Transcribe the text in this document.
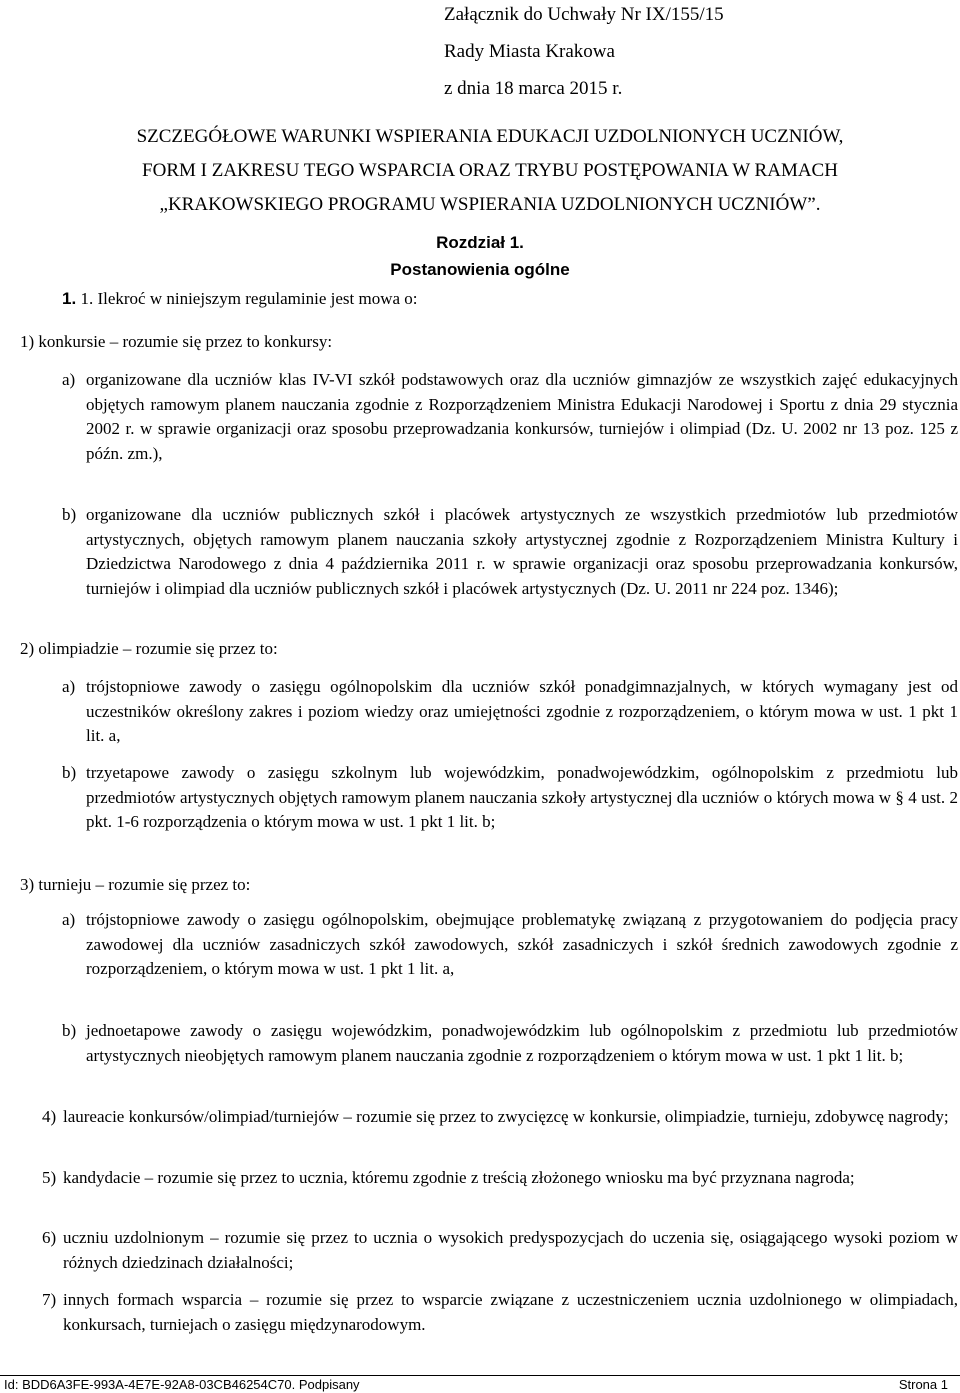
Załącznik do Uchwały Nr IX/155/15
Rady Miasta Krakowa
z dnia 18 marca 2015 r.
SZCZEGÓŁOWE WARUNKI WSPIERANIA EDUKACJI UZDOLNIONYCH UCZNIÓW,
FORM I ZAKRESU TEGO WSPARCIA ORAZ TRYBU POSTĘPOWANIA W RAMACH
„KRAKOWSKIEGO PROGRAMU WSPIERANIA UZDOLNIONYCH UCZNIÓW”.
Rozdział 1.
Postanowienia ogólne
1. 1. Ilekroć w niniejszym regulaminie jest mowa o:
1) konkursie – rozumie się przez to konkursy:
a) organizowane dla uczniów klas IV-VI szkół podstawowych oraz dla uczniów gimnazjów ze wszystkich zajęć edukacyjnych objętych ramowym planem nauczania zgodnie z Rozporządzeniem Ministra Edukacji Narodowej i Sportu z dnia 29 stycznia 2002 r. w sprawie organizacji oraz sposobu przeprowadzania konkursów, turniejów i olimpiad (Dz. U. 2002 nr 13 poz. 125 z późn. zm.),
b) organizowane dla uczniów publicznych szkół i placówek artystycznych ze wszystkich przedmiotów lub przedmiotów artystycznych, objętych ramowym planem nauczania szkoły artystycznej zgodnie z Rozporządzeniem Ministra Kultury i Dziedzictwa Narodowego z dnia 4 października 2011 r. w sprawie organizacji oraz sposobu przeprowadzania konkursów, turniejów i olimpiad dla uczniów publicznych szkół i placówek artystycznych (Dz. U. 2011 nr 224 poz. 1346);
2) olimpiadzie – rozumie się przez to:
a) trójstopniowe zawody o zasięgu ogólnopolskim dla uczniów szkół ponadgimnazjalnych, w których wymagany jest od uczestników określony zakres i poziom wiedzy oraz umiejętności zgodnie z rozporządzeniem, o którym mowa w ust. 1 pkt 1 lit. a,
b) trzyetapowe zawody o zasięgu szkolnym lub wojewódzkim, ponadwojewódzkim, ogólnopolskim z przedmiotu lub przedmiotów artystycznych objętych ramowym planem nauczania szkoły artystycznej dla uczniów o których mowa w § 4 ust. 2 pkt. 1-6 rozporządzenia o którym mowa w ust. 1 pkt 1 lit. b;
3) turnieju – rozumie się przez to:
a) trójstopniowe zawody o zasięgu ogólnopolskim, obejmujące problematykę związaną z przygotowaniem do podjęcia pracy zawodowej dla uczniów zasadniczych szkół zawodowych, szkół zasadniczych i szkół średnich zawodowych zgodnie z rozporządzeniem, o którym mowa w ust. 1 pkt 1 lit. a,
b) jednoetapowe zawody o zasięgu wojewódzkim, ponadwojewódzkim lub ogólnopolskim z przedmiotu lub przedmiotów artystycznych nieobjętych ramowym planem nauczania zgodnie z rozporządzeniem o którym mowa w ust. 1 pkt 1 lit. b;
4) laureacie konkursów/olimpiad/turniejów – rozumie się przez to zwycięzcę w konkursie, olimpiadzie, turnieju, zdobywcę nagrody;
5) kandydacie – rozumie się przez to ucznia, któremu zgodnie z treścią złożonego wniosku ma być przyznana nagroda;
6) uczniu uzdolnionym – rozumie się przez to ucznia o wysokich predyspozycjach do uczenia się, osiągającego wysoki poziom w różnych dziedzinach działalności;
7) innych formach wsparcia – rozumie się przez to wsparcie związane z uczestniczeniem ucznia uzdolnionego w olimpiadach, konkursach, turniejach o zasięgu międzynarodowym.
Id: BDD6A3FE-993A-4E7E-92A8-03CB46254C70. Podpisany	Strona 1
